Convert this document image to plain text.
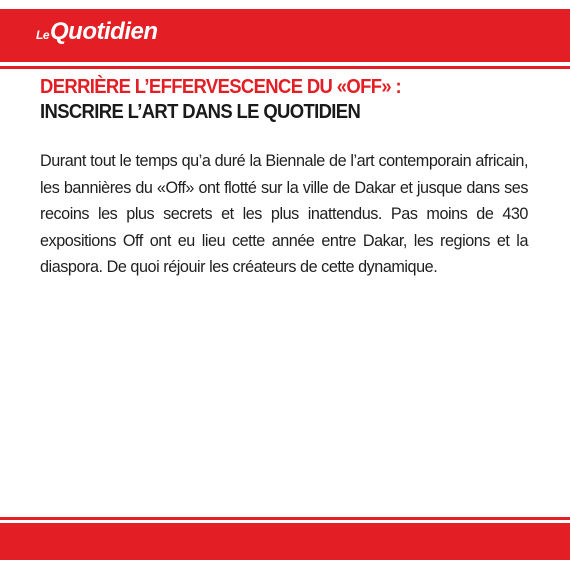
Le Quotidien
DERRIÈRE L’EFFERVESCENCE DU «OFF» :
INSCRIRE L’ART DANS LE QUOTIDIEN
Durant tout le temps qu’a duré la Biennale de l’art contemporain africain, les bannières du «Off» ont flotté sur la ville de Dakar et jusque dans ses recoins les plus secrets et les plus inattendus. Pas moins de 430 expositions Off ont eu lieu cette année entre Dakar, les regions et la diaspora. De quoi réjouir les créateurs de cette dynamique.
